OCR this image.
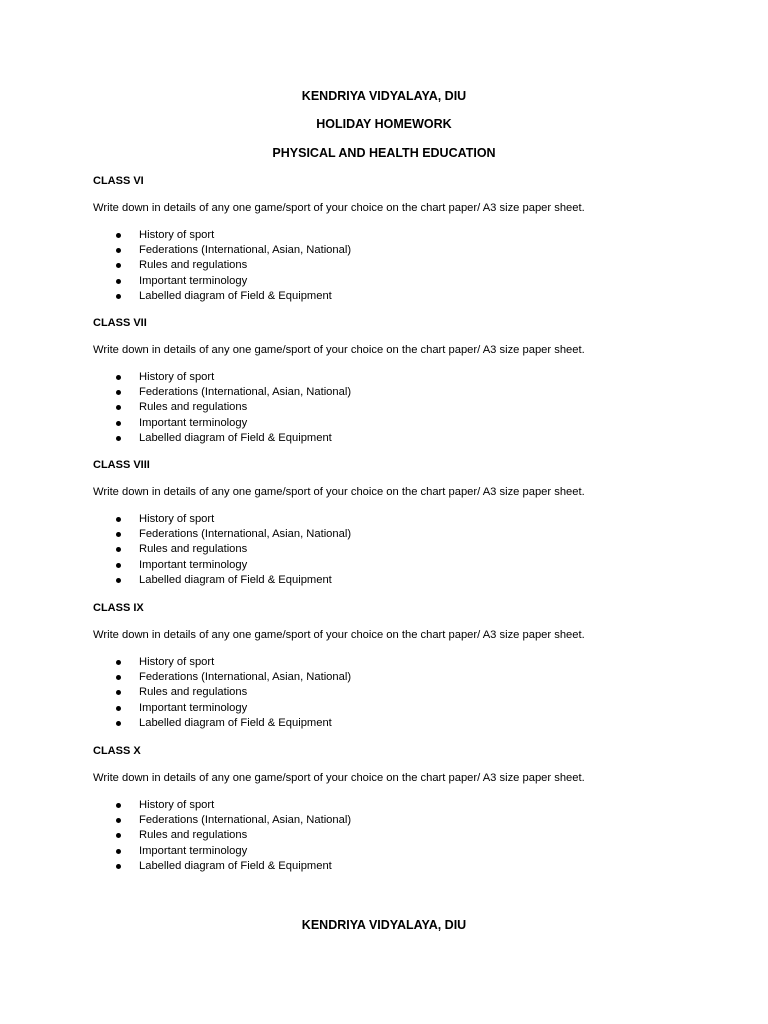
KENDRIYA VIDYALAYA, DIU

HOLIDAY HOMEWORK

PHYSICAL AND HEALTH EDUCATION

CLASS VI

Write down in details of any one game/sport of your choice on the chart paper/ A3 size paper sheet.

History of sport
Federations (International, Asian, National)
Rules and regulations
Important terminology
Labelled diagram of Field & Equipment

CLASS VII

Write down in details of any one game/sport of your choice on the chart paper/ A3 size paper sheet.

History of sport
Federations (International, Asian, National)
Rules and regulations
Important terminology
Labelled diagram of Field & Equipment

CLASS VIII

Write down in details of any one game/sport of your choice on the chart paper/ A3 size paper sheet.

History of sport
Federations (International, Asian, National)
Rules and regulations
Important terminology
Labelled diagram of Field & Equipment

CLASS IX

Write down in details of any one game/sport of your choice on the chart paper/ A3 size paper sheet.

History of sport
Federations (International, Asian, National)
Rules and regulations
Important terminology
Labelled diagram of Field & Equipment

CLASS X

Write down in details of any one game/sport of your choice on the chart paper/ A3 size paper sheet.

History of sport
Federations (International, Asian, National)
Rules and regulations
Important terminology
Labelled diagram of Field & Equipment

KENDRIYA VIDYALAYA, DIU
